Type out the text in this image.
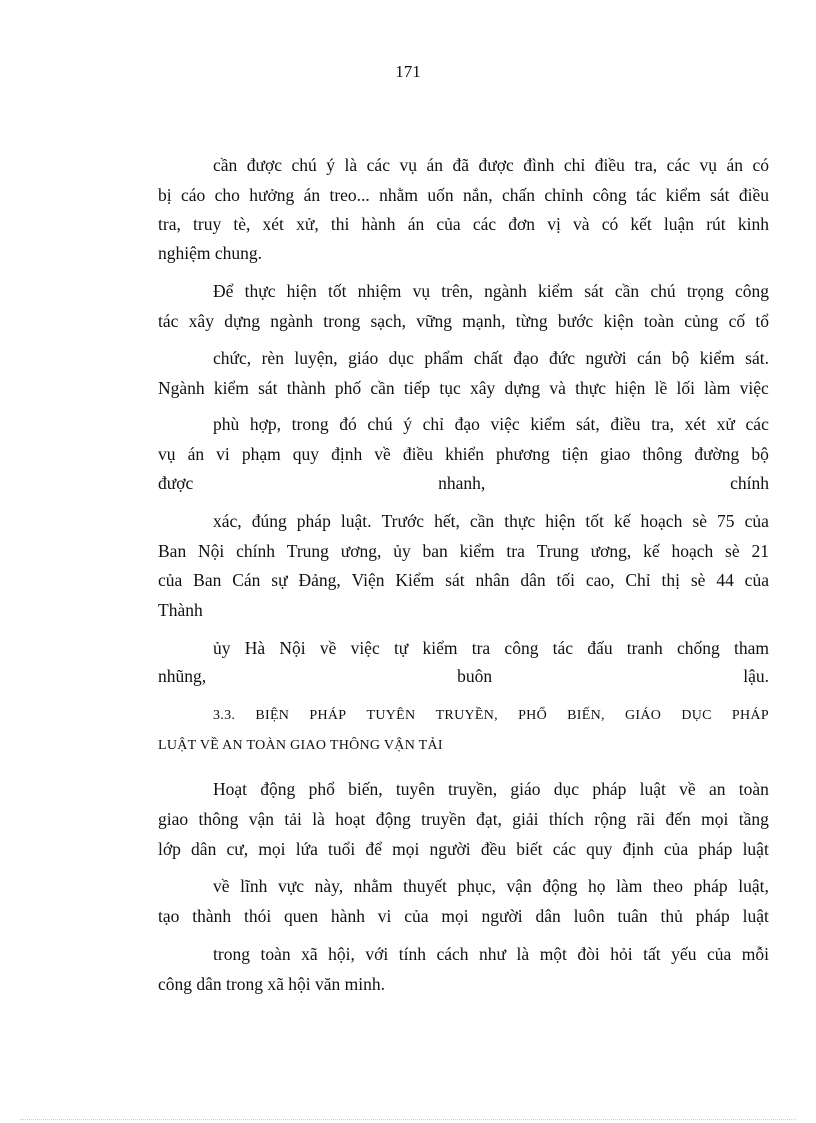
171
cần được chú ý là các vụ án đã được đình chỉ điều tra, các vụ án có
bị cáo cho hưởng án treo... nhằm uốn nắn, chấn chỉnh công tác kiểm sát điều
tra, truy tè, xét xử, thi hành án của các đơn vị và có kết luận rút kinh
nghiệm chung.
Để thực hiện tốt nhiệm vụ trên, ngành kiểm sát cần chú trọng công
tác xây dựng ngành trong sạch, vững mạnh, từng bước kiện toàn củng cố tổ
chức, rèn luyện, giáo dục phẩm chất đạo đức người cán bộ kiểm sát.
Ngành kiểm sát thành phố cần tiếp tục xây dựng và thực hiện lề lối làm việc
phù hợp, trong đó chú ý chỉ đạo việc kiểm sát, điều tra, xét xử các
vụ án vi phạm quy định về điều khiển phương tiện giao thông đường bộ
được	nhanh,	chính
xác, đúng pháp luật. Trước hết, cần thực hiện tốt kế hoạch sè 75 của
Ban Nội chính Trung ương, ủy ban kiểm tra Trung ương, kế hoạch sè 21
của Ban Cán sự Đảng, Viện Kiểm sát nhân dân tối cao, Chỉ thị sè 44 của
Thành
ủy Hà Nội về việc tự kiểm tra công tác đấu tranh chống tham
nhũng,	buôn	lậu.
3.3. BIỆN PHÁP TUYÊN TRUYỀN, PHỔ BIẾN, GIÁO DỤC PHÁP
LUẬT VỀ AN TOÀN GIAO THÔNG VẬN TẢI
Hoạt động phổ biến, tuyên truyền, giáo dục pháp luật về an toàn
giao thông vận tải là hoạt động truyền đạt, giải thích rộng rãi đến mọi tầng
lớp dân cư, mọi lứa tuổi để mọi người đều biết các quy định của pháp luật
về lĩnh vực này, nhằm thuyết phục, vận động họ làm theo pháp luật,
tạo thành thói quen hành vi của mọi người dân luôn tuân thủ pháp luật
trong toàn xã hội, với tính cách như là một đòi hỏi tất yếu của mỗi
công dân trong xã hội văn minh.
